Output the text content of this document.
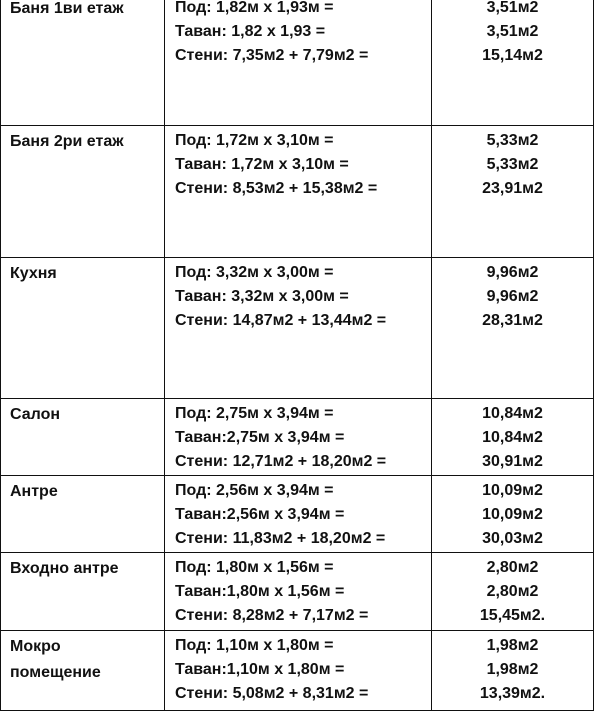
Баня 1ви етаж	Под: 1,82м х 1,93м =
Таван: 1,82 х 1,93 =
Стени: 7,35м2 + 7,79м2 =	3,51м2
3,51м2
15,14м2

Баня 2ри етаж	Под: 1,72м х 3,10м =
Таван: 1,72м х 3,10м =
Стени: 8,53м2 + 15,38м2 =	5,33м2
5,33м2
23,91м2

Кухня	Под: 3,32м х 3,00м =
Таван: 3,32м х 3,00м =
Стени: 14,87м2 + 13,44м2 =	9,96м2
9,96м2
28,31м2

Салон	Под: 2,75м х 3,94м =
Таван:2,75м х 3,94м =
Стени: 12,71м2 + 18,20м2 =	10,84м2
10,84м2
30,91м2

Антре	Под: 2,56м х 3,94м =
Таван:2,56м х 3,94м =
Стени: 11,83м2 + 18,20м2 =	10,09м2
10,09м2
30,03м2

Входно антре	Под: 1,80м х 1,56м =
Таван:1,80м х 1,56м =
Стени: 8,28м2 + 7,17м2 =	2,80м2
2,80м2
15,45м2.

Мокро помещение	Под: 1,10м х 1,80м =
Таван:1,10м х 1,80м =
Стени: 5,08м2 + 8,31м2 =	1,98м2
1,98м2
13,39м2.
